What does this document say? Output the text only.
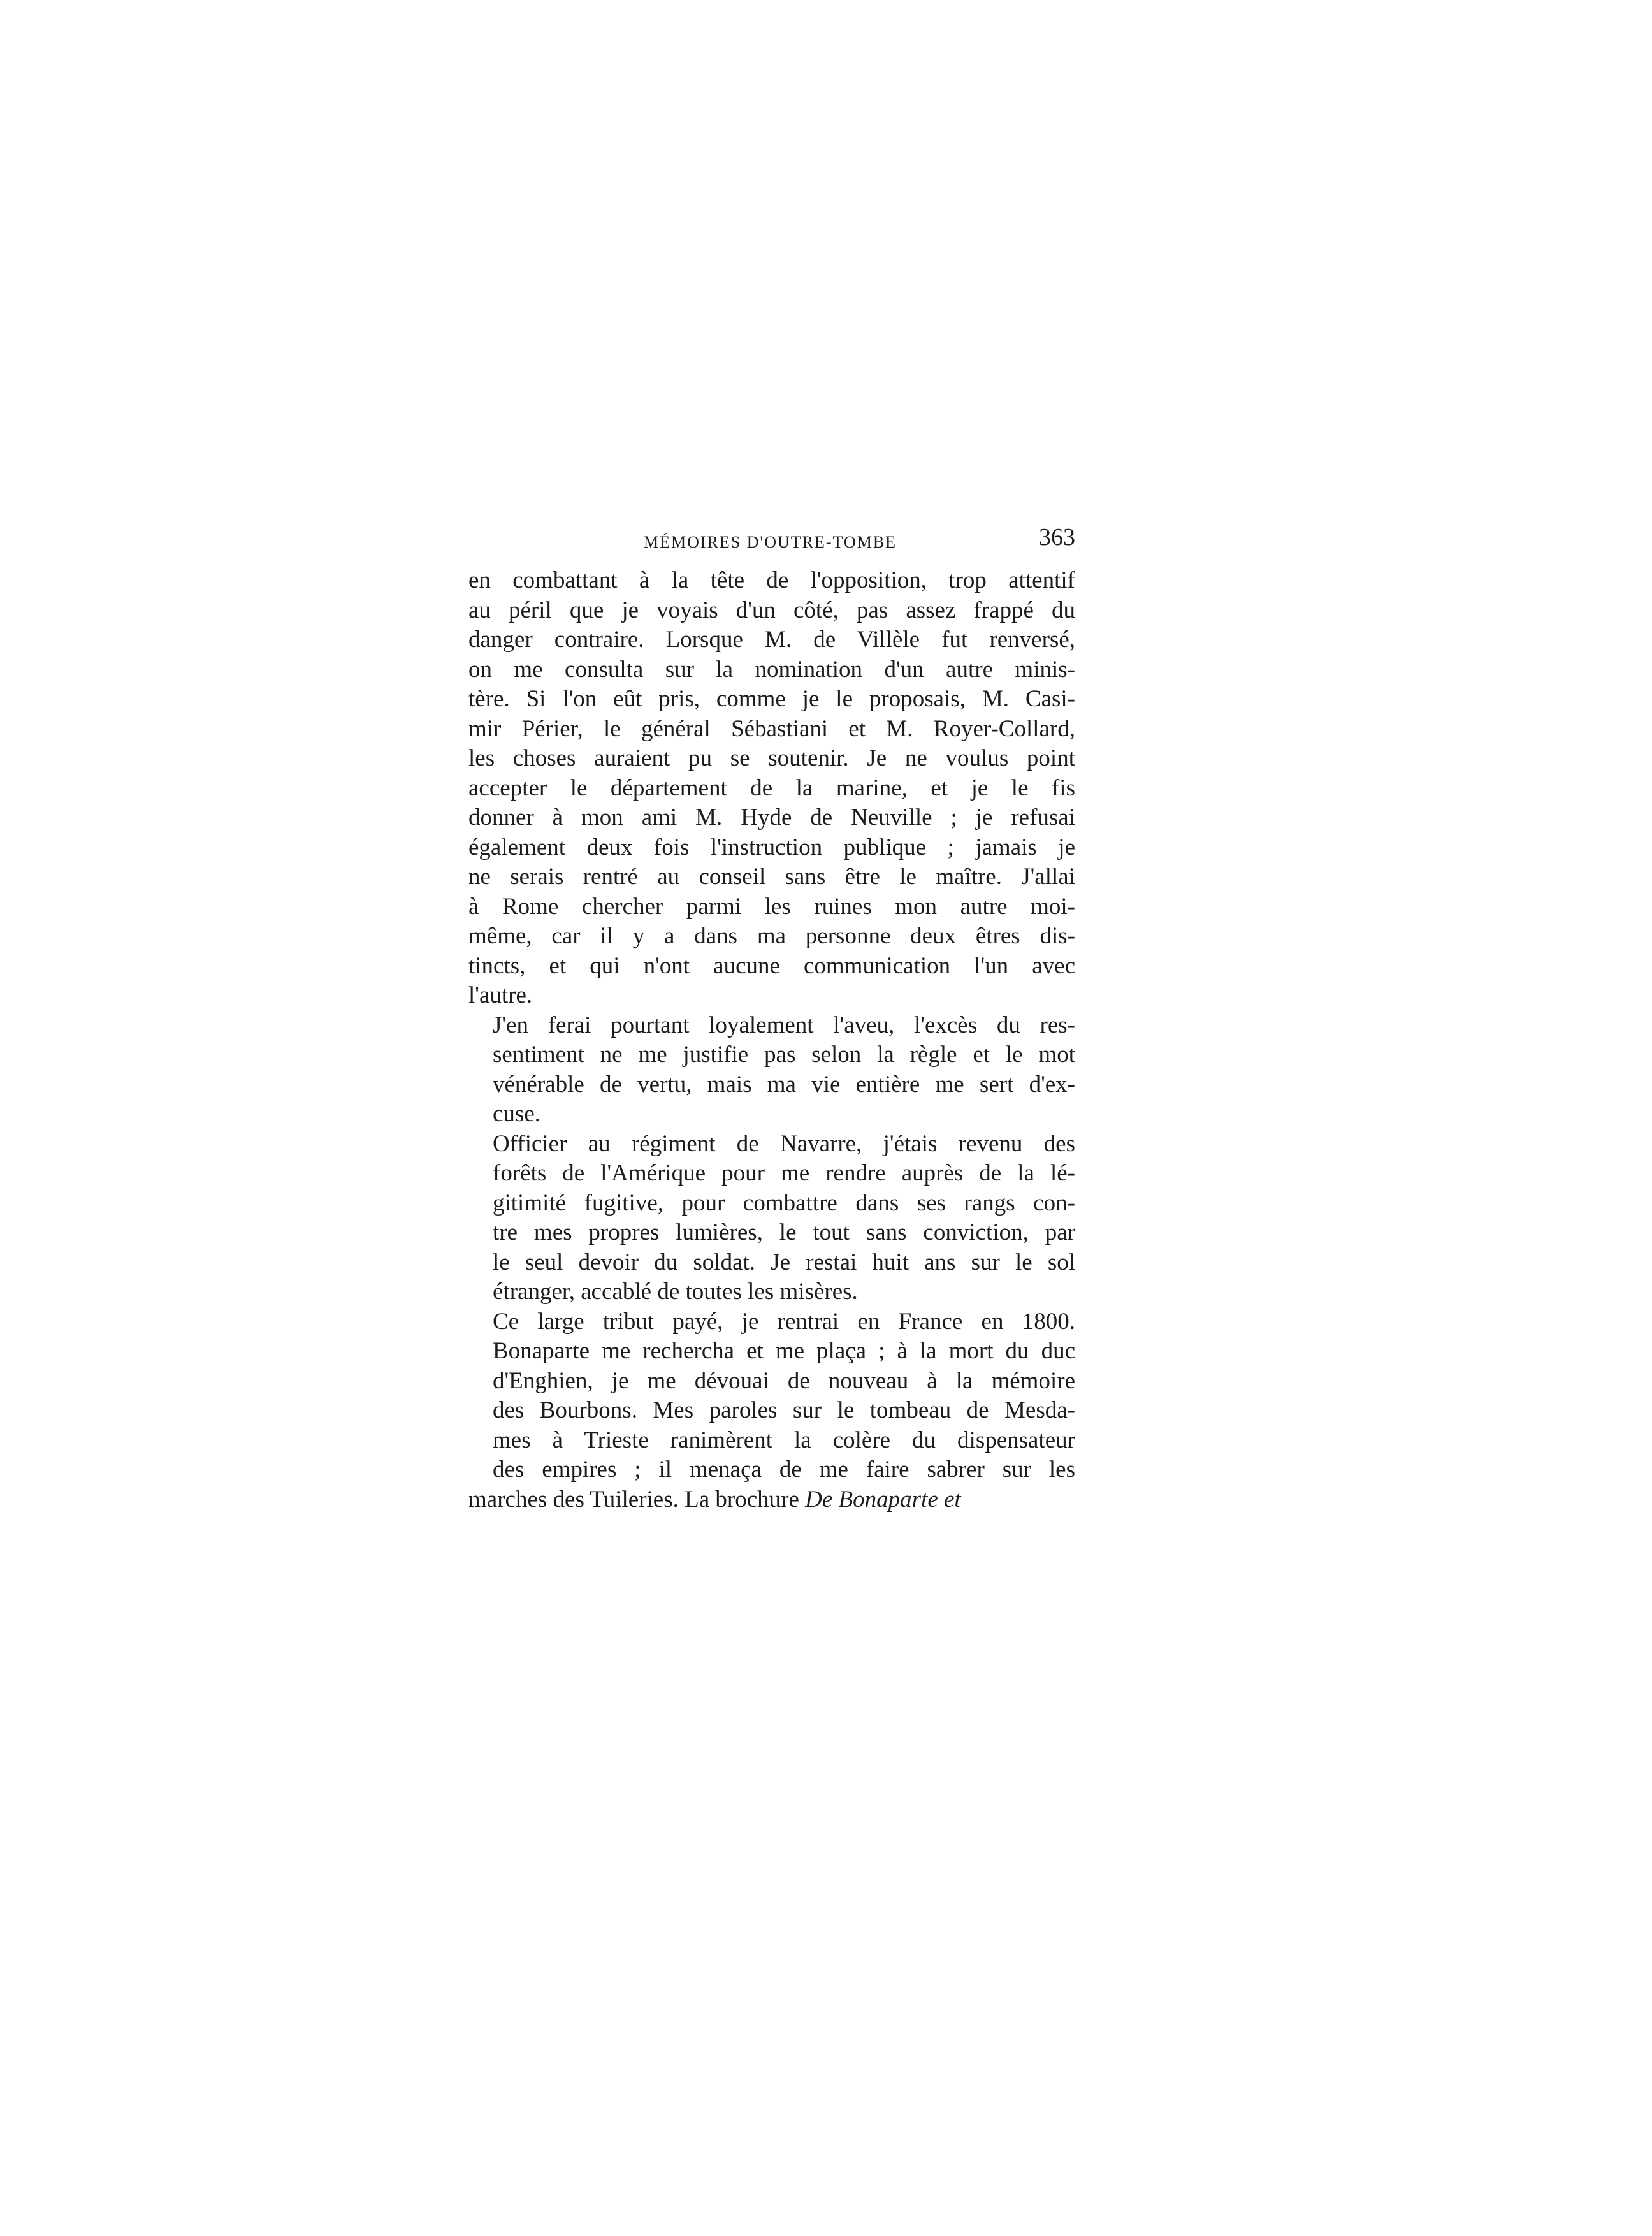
MÉMOIRES D'OUTRE-TOMBE	363

en combattant à la tête de l'opposition, trop attentif
au péril que je voyais d'un côté, pas assez frappé du
danger contraire. Lorsque M. de Villèle fut renversé,
on me consulta sur la nomination d'un autre minis-
tère. Si l'on eût pris, comme je le proposais, M. Casi-
mir Périer, le général Sébastiani et M. Royer-Collard,
les choses auraient pu se soutenir. Je ne voulus point
accepter le département de la marine, et je le fis
donner à mon ami M. Hyde de Neuville ; je refusai
également deux fois l'instruction publique ; jamais je
ne serais rentré au conseil sans être le maître. J'allai
à Rome chercher parmi les ruines mon autre moi-
même, car il y a dans ma personne deux êtres dis-
tincts, et qui n'ont aucune communication l'un avec
l'autre.

J'en ferai pourtant loyalement l'aveu, l'excès du res-
sentiment ne me justifie pas selon la règle et le mot
vénérable de vertu, mais ma vie entière me sert d'ex-
cuse.

Officier au régiment de Navarre, j'étais revenu des
forêts de l'Amérique pour me rendre auprès de la lé-
gitimité fugitive, pour combattre dans ses rangs con-
tre mes propres lumières, le tout sans conviction, par
le seul devoir du soldat. Je restai huit ans sur le sol
étranger, accablé de toutes les misères.

Ce large tribut payé, je rentrai en France en 1800.
Bonaparte me rechercha et me plaça ; à la mort du duc
d'Enghien, je me dévouai de nouveau à la mémoire
des Bourbons. Mes paroles sur le tombeau de Mesda-
mes à Trieste ranimèrent la colère du dispensateur
des empires ; il menaça de me faire sabrer sur les

marches des Tuileries. La brochure De Bonaparte et
